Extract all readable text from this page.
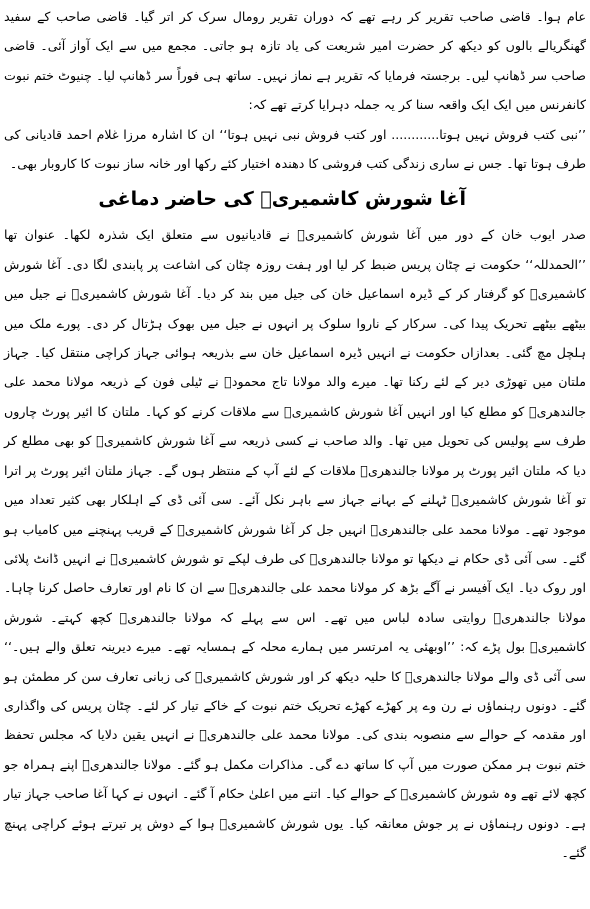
عام ہوا۔ قاضی صاحب تقریر کر رہے تھے کہ دوران تقریر رومال سرک کر اتر گیا۔ قاضی صاحب کے سفید گھنگریالے بالوں کو دیکھ کر حضرت امیر شریعت کی یاد تازہ ہو جاتی۔ مجمع میں سے ایک آواز آئی۔ قاضی صاحب سر ڈھانپ لیں۔ برجستہ فرمایا کہ تقریر ہے نماز نہیں۔ ساتھ ہی فوراً سر ڈھانپ لیا۔ چنیوٹ ختم نبوت کانفرنس میں ایک ایک واقعہ سنا کر یہ جملہ دہرایا کرتے تھے کہ:

’’نبی کتب فروش نہیں ہوتا............ اور کتب فروش نبی نہیں ہوتا‘‘ ان کا اشارہ مرزا غلام احمد قادیانی کی طرف ہوتا تھا۔ جس نے ساری زندگی کتب فروشی کا دھندہ اختیار کئے رکھا اور خانہ ساز نبوت کا کاروبار بھی۔

آغا شورش کاشمیریؒ کی حاضر دماغی

صدر ایوب خان کے دور میں آغا شورش کاشمیریؒ نے قادیانیوں سے متعلق ایک شذرہ لکھا۔ عنوان تھا ’’الحمدللہ‘‘ حکومت نے چٹان پریس ضبط کر لیا اور ہفت روزہ چٹان کی اشاعت پر پابندی لگا دی۔ آغا شورش کاشمیریؒ کو گرفتار کر کے ڈیرہ اسماعیل خان کی جیل میں بند کر دیا۔ آغا شورش کاشمیریؒ نے جیل میں بیٹھے بیٹھے تحریک پیدا کی۔ سرکار کے ناروا سلوک پر انہوں نے جیل میں بھوک ہڑتال کر دی۔ پورے ملک میں ہلچل مچ گئی۔ بعدازاں حکومت نے انہیں ڈیرہ اسماعیل خان سے بذریعہ ہوائی جہاز کراچی منتقل کیا۔ جہاز ملتان میں تھوڑی دیر کے لئے رکنا تھا۔ میرے والد مولانا تاج محمودؒ نے ٹیلی فون کے ذریعہ مولانا محمد علی جالندھریؒ کو مطلع کیا اور انہیں آغا شورش کاشمیریؒ سے ملاقات کرنے کو کہا۔ ملتان کا ائیر پورٹ چاروں طرف سے پولیس کی تحویل میں تھا۔ والد صاحب نے کسی ذریعہ سے آغا شورش کاشمیریؒ کو بھی مطلع کر دیا کہ ملتان ائیر پورٹ پر مولانا جالندھریؒ ملاقات کے لئے آپ کے منتظر ہوں گے۔ جہاز ملتان ائیر پورٹ پر اترا تو آغا شورش کاشمیریؒ ٹہلنے کے بہانے جہاز سے باہر نکل آئے۔ سی آئی ڈی کے اہلکار بھی کثیر تعداد میں موجود تھے۔ مولانا محمد علی جالندھریؒ انہیں جل کر آغا شورش کاشمیریؒ کے قریب پہنچنے میں کامیاب ہو گئے۔ سی آئی ڈی حکام نے دیکھا تو مولانا جالندھریؒ کی طرف لپکے تو شورش کاشمیریؒ نے انہیں ڈانٹ پلائی اور روک دیا۔ ایک آفیسر نے آگے بڑھ کر مولانا محمد علی جالندھریؒ سے ان کا نام اور تعارف حاصل کرنا چاہا۔ مولانا جالندھریؒ روایتی سادہ لباس میں تھے۔ اس سے پہلے کہ مولانا جالندھریؒ کچھ کہتے۔ شورش کاشمیریؒ بول پڑے کہ: ’’اوبھئی یہ امرتسر میں ہمارے محلہ کے ہمسایہ تھے۔ میرے دیرینہ تعلق والے ہیں۔‘‘ سی آئی ڈی والے مولانا جالندھریؒ کا حلیہ دیکھ کر اور شورش کاشمیریؒ کی زبانی تعارف سن کر مطمئن ہو گئے۔ دونوں رہنماؤں نے رن وے پر کھڑے کھڑے تحریک ختم نبوت کے خاکے تیار کر لئے۔ چٹان پریس کی واگذاری اور مقدمہ کے حوالے سے منصوبہ بندی کی۔ مولانا محمد علی جالندھریؒ نے انہیں یقین دلایا کہ مجلس تحفظ ختم نبوت ہر ممکن صورت میں آپ کا ساتھ دے گی۔ مذاکرات مکمل ہو گئے۔ مولانا جالندھریؒ اپنے ہمراہ جو کچھ لائے تھے وہ شورش کاشمیریؒ کے حوالے کیا۔ اتنے میں اعلیٰ حکام آ گئے۔ انہوں نے کہا آغا صاحب جہاز تیار ہے۔ دونوں رہنماؤں نے پر جوش معانقہ کیا۔ یوں شورش کاشمیریؒ ہوا کے دوش پر تیرتے ہوئے کراچی پہنچ گئے۔
